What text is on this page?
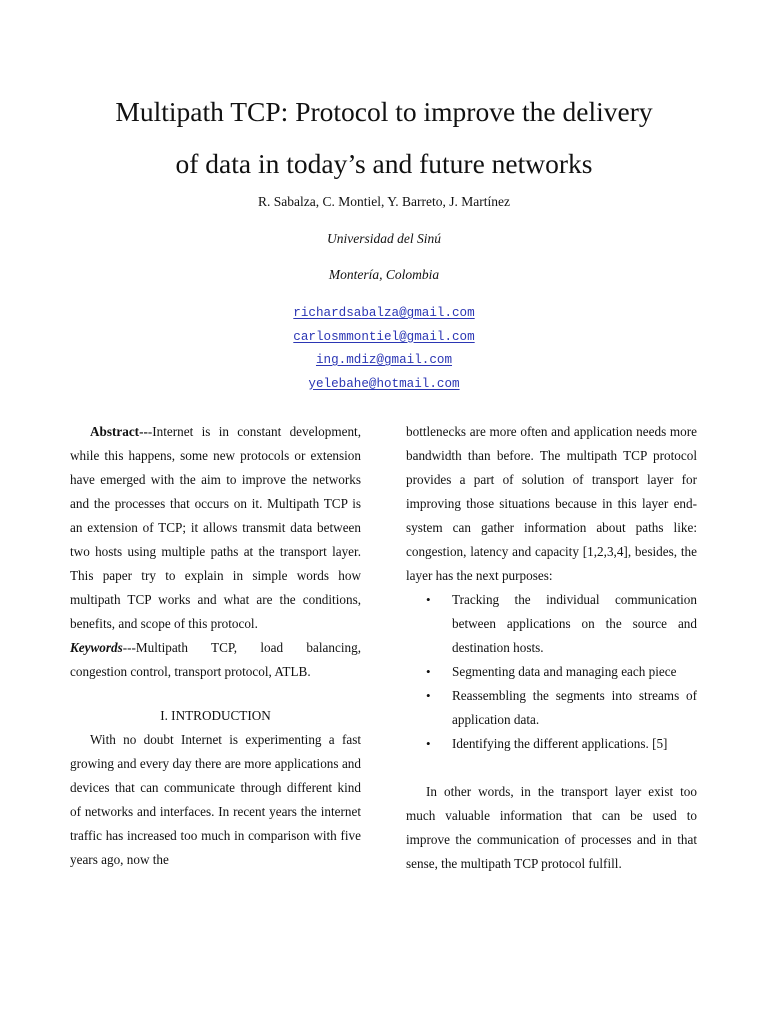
Multipath TCP: Protocol to improve the delivery
of data in today’s and future networks
R. Sabalza, C. Montiel, Y. Barreto, J. Martínez
Universidad del Sinú
Montería, Colombia
richardsabalza@gmail.com
carlosmmontiel@gmail.com
ing.mdiz@gmail.com
yelebahe@hotmail.com

Abstract---Internet is in constant development, while this happens, some new protocols or extension have emerged with the aim to improve the networks and the processes that occurs on it. Multipath TCP is an extension of TCP; it allows transmit data between two hosts using multiple paths at the transport layer. This paper try to explain in simple words how multipath TCP works and what are the conditions, benefits, and scope of this protocol.

Keywords---Multipath TCP, load balancing, congestion control, transport protocol, ATLB.

I. INTRODUCTION

With no doubt Internet is experimenting a fast growing and every day there are more applications and devices that can communicate through different kind of networks and interfaces. In recent years the internet traffic has increased too much in comparison with five years ago, now the

bottlenecks are more often and application needs more bandwidth than before. The multipath TCP protocol provides a part of solution of transport layer for improving those situations because in this layer end-system can gather information about paths like: congestion, latency and capacity [1,2,3,4], besides, the layer has the next purposes:

• Tracking the individual communication between applications on the source and destination hosts.
• Segmenting data and managing each piece
• Reassembling the segments into streams of application data.
• Identifying the different applications. [5]

In other words, in the transport layer exist too much valuable information that can be used to improve the communication of processes and in that sense, the multipath TCP protocol fulfill.
